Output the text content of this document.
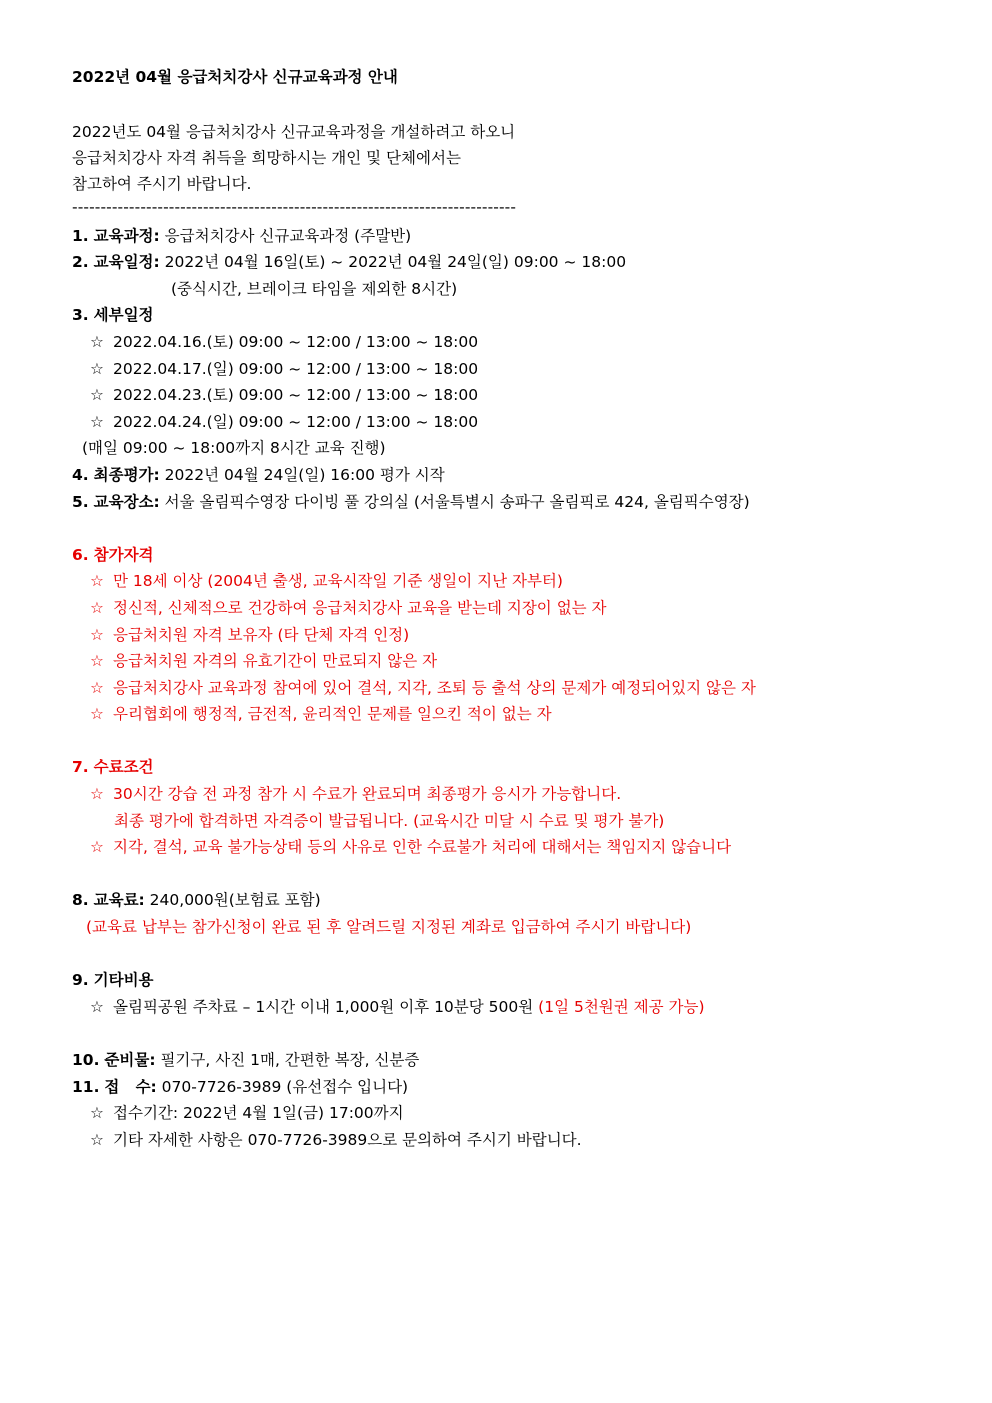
2022년 04월 응급처치강사 신규교육과정 안내
2022년도 04월 응급처치강사 신규교육과정을 개설하려고 하오니
응급처치강사 자격 취득을 희망하시는 개인 및 단체에서는
참고하여 주시기 바랍니다.
------------------------------------------------------------------------------
1. 교육과정: 응급처치강사 신규교육과정 (주말반)
2. 교육일정: 2022년 04월 16일(토) ~ 2022년 04월 24일(일) 09:00 ~ 18:00
(중식시간, 브레이크 타임을 제외한 8시간)
3. 세부일정
☆ 2022.04.16.(토) 09:00 ~ 12:00 / 13:00 ~ 18:00
☆ 2022.04.17.(일) 09:00 ~ 12:00 / 13:00 ~ 18:00
☆ 2022.04.23.(토) 09:00 ~ 12:00 / 13:00 ~ 18:00
☆ 2022.04.24.(일) 09:00 ~ 12:00 / 13:00 ~ 18:00
(매일 09:00 ~ 18:00까지 8시간 교육 진행)
4. 최종평가: 2022년 04월 24일(일) 16:00 평가 시작
5. 교육장소: 서울 올림픽수영장 다이빙 풀 강의실 (서울특별시 송파구 올림픽로 424, 올림픽수영장)
6. 참가자격
☆ 만 18세 이상 (2004년 출생, 교육시작일 기준 생일이 지난 자부터)
☆ 정신적, 신체적으로 건강하여 응급처치강사 교육을 받는데 지장이 없는 자
☆ 응급처치원 자격 보유자 (타 단체 자격 인정)
☆ 응급처치원 자격의 유효기간이 만료되지 않은 자
☆ 응급처치강사 교육과정 참여에 있어 결석, 지각, 조퇴 등 출석 상의 문제가 예정되어있지 않은 자
☆ 우리협회에 행정적, 금전적, 윤리적인 문제를 일으킨 적이 없는 자
7. 수료조건
☆ 30시간 강습 전 과정 참가 시 수료가 완료되며 최종평가 응시가 가능합니다.
최종 평가에 합격하면 자격증이 발급됩니다. (교육시간 미달 시 수료 및 평가 불가)
☆ 지각, 결석, 교육 불가능상태 등의 사유로 인한 수료불가 처리에 대해서는 책임지지 않습니다
8. 교육료: 240,000원(보험료 포함)
(교육료 납부는 참가신청이 완료 된 후 알려드릴 지정된 계좌로 입금하여 주시기 바랍니다)
9. 기타비용
☆ 올림픽공원 주차료 – 1시간 이내 1,000원 이후 10분당 500원 (1일 5천원권 제공 가능)
10. 준비물: 필기구, 사진 1매, 간편한 복장, 신분증
11. 접   수: 070-7726-3989 (유선접수 입니다)
☆ 접수기간: 2022년 4월 1일(금) 17:00까지
☆ 기타 자세한 사항은 070-7726-3989으로 문의하여 주시기 바랍니다.
